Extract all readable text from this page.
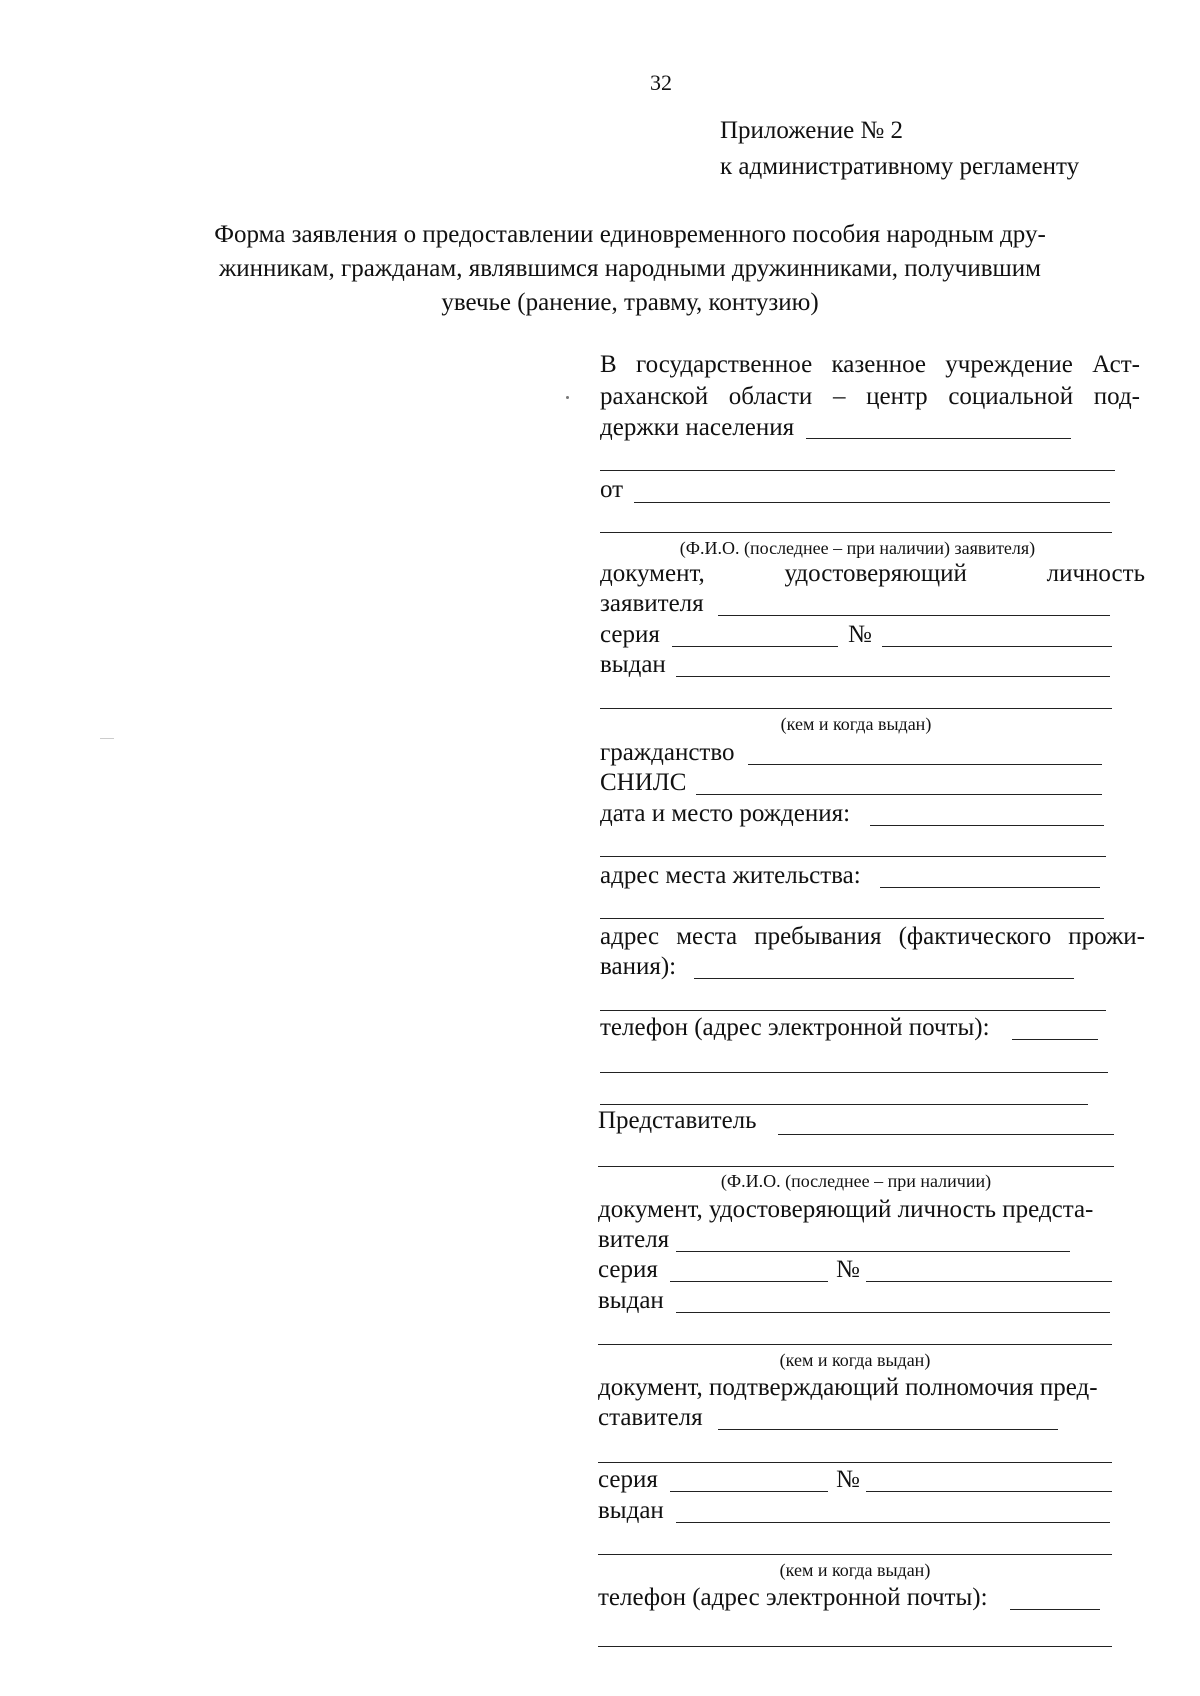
32
Приложение № 2
к административному регламенту
Форма заявления о предоставлении единовременного пособия народным дру-
жинникам, гражданам, являвшимся народными дружинниками, получившим
увечье (ранение, травму, контузию)
В государственное казенное учреждение Аст-
раханской области – центр социальной под-
держки населения
от
(Ф.И.О. (последнее – при наличии) заявителя)
документ,	удостоверяющий	личность
заявителя
серия	№
выдан
(кем и когда выдан)
гражданство
СНИЛС
дата и место рождения:
адрес места жительства:
адрес места пребывания (фактического прожи-
вания):
телефон (адрес электронной почты):
Представитель
(Ф.И.О. (последнее – при наличии)
документ, удостоверяющий личность предста-
вителя
серия	№
выдан
(кем и когда выдан)
документ, подтверждающий полномочия пред-
ставителя
серия	№
выдан
(кем и когда выдан)
телефон (адрес электронной почты):
